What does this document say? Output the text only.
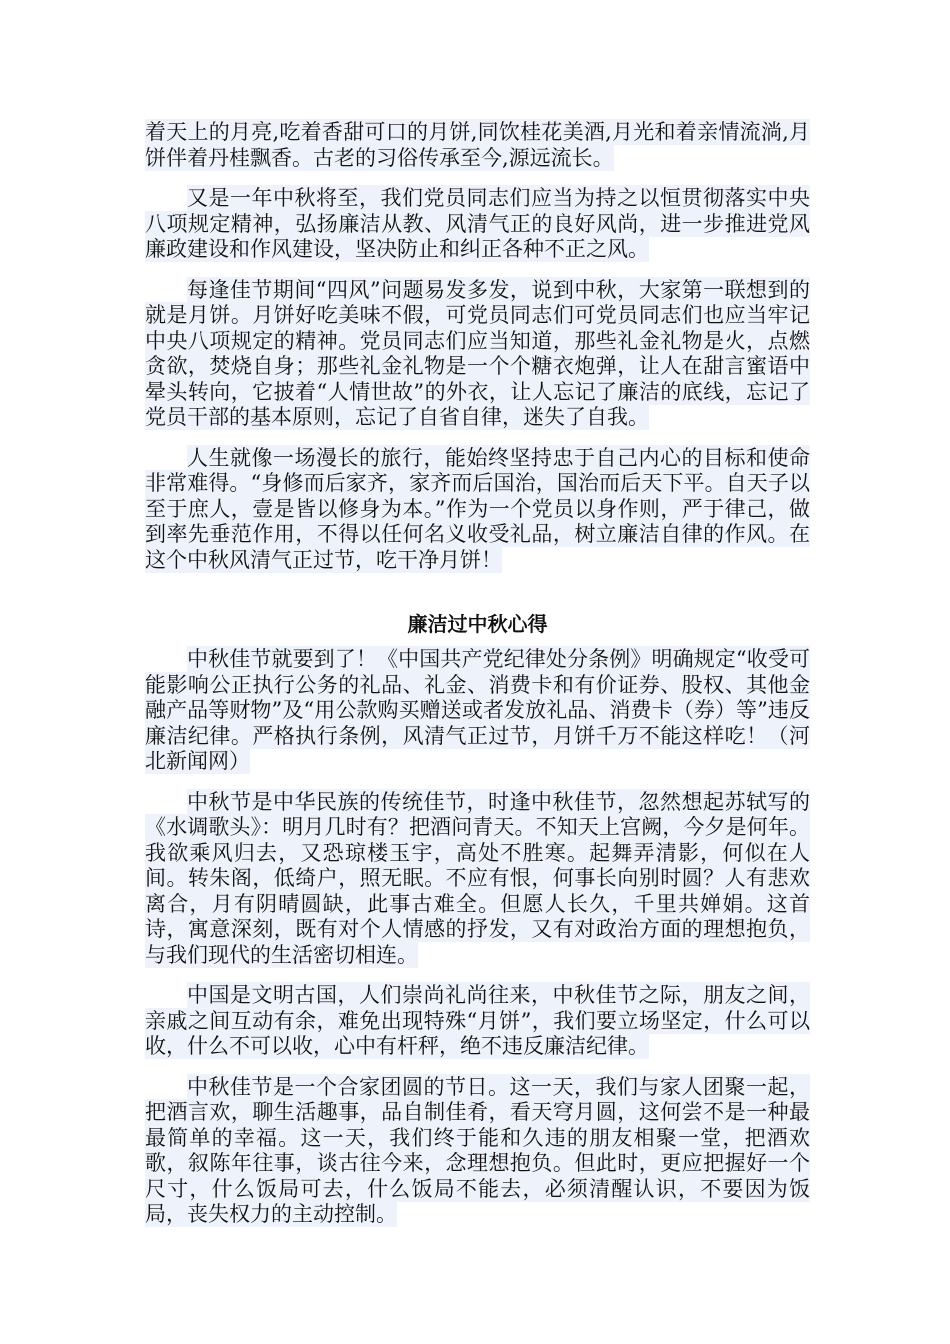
着天上的月亮,吃着香甜可口的月饼,同饮桂花美酒,月光和着亲情流淌,月饼伴着丹桂飘香。古老的习俗传承至今,源远流长。

又是一年中秋将至，我们党员同志们应当为持之以恒贯彻落实中央八项规定精神，弘扬廉洁从教、风清气正的良好风尚，进一步推进党风廉政建设和作风建设，坚决防止和纠正各种不正之风。

每逢佳节期间“四风”问题易发多发，说到中秋，大家第一联想到的就是月饼。月饼好吃美味不假，可党员同志们可党员同志们也应当牢记中央八项规定的精神。党员同志们应当知道，那些礼金礼物是火，点燃贪欲，焚烧自身；那些礼金礼物是一个个糖衣炮弹，让人在甜言蜜语中晕头转向，它披着“人情世故”的外衣，让人忘记了廉洁的底线，忘记了党员干部的基本原则，忘记了自省自律，迷失了自我。

人生就像一场漫长的旅行，能始终坚持忠于自己内心的目标和使命非常难得。“身修而后家齐，家齐而后国治，国治而后天下平。自天子以至于庶人，壹是皆以修身为本。”作为一个党员以身作则，严于律己，做到率先垂范作用，不得以任何名义收受礼品，树立廉洁自律的作风。在这个中秋风清气正过节，吃干净月饼！

廉洁过中秋心得

中秋佳节就要到了！《中国共产党纪律处分条例》明确规定“收受可能影响公正执行公务的礼品、礼金、消费卡和有价证券、股权、其他金融产品等财物”及“用公款购买赠送或者发放礼品、消费卡（券）等”违反廉洁纪律。严格执行条例，风清气正过节，月饼千万不能这样吃！（河北新闻网）

中秋节是中华民族的传统佳节，时逢中秋佳节，忽然想起苏轼写的《水调歌头》：明月几时有？把酒问青天。不知天上宫阙，今夕是何年。我欲乘风归去，又恐琼楼玉宇，高处不胜寒。起舞弄清影，何似在人间。转朱阁，低绮户，照无眠。不应有恨，何事长向别时圆？人有悲欢离合，月有阴晴圆缺，此事古难全。但愿人长久，千里共婵娟。这首诗，寓意深刻，既有对个人情感的抒发，又有对政治方面的理想抱负，与我们现代的生活密切相连。

中国是文明古国，人们崇尚礼尚往来，中秋佳节之际，朋友之间，亲戚之间互动有余，难免出现特殊“月饼”，我们要立场坚定，什么可以收，什么不可以收，心中有杆秤，绝不违反廉洁纪律。

中秋佳节是一个合家团圆的节日。这一天，我们与家人团聚一起，把酒言欢，聊生活趣事，品自制佳肴，看天穹月圆，这何尝不是一种最最简单的幸福。这一天，我们终于能和久违的朋友相聚一堂，把酒欢歌，叙陈年往事，谈古往今来，念理想抱负。但此时，更应把握好一个尺寸，什么饭局可去，什么饭局不能去，必须清醒认识，不要因为饭局，丧失权力的主动控制。
